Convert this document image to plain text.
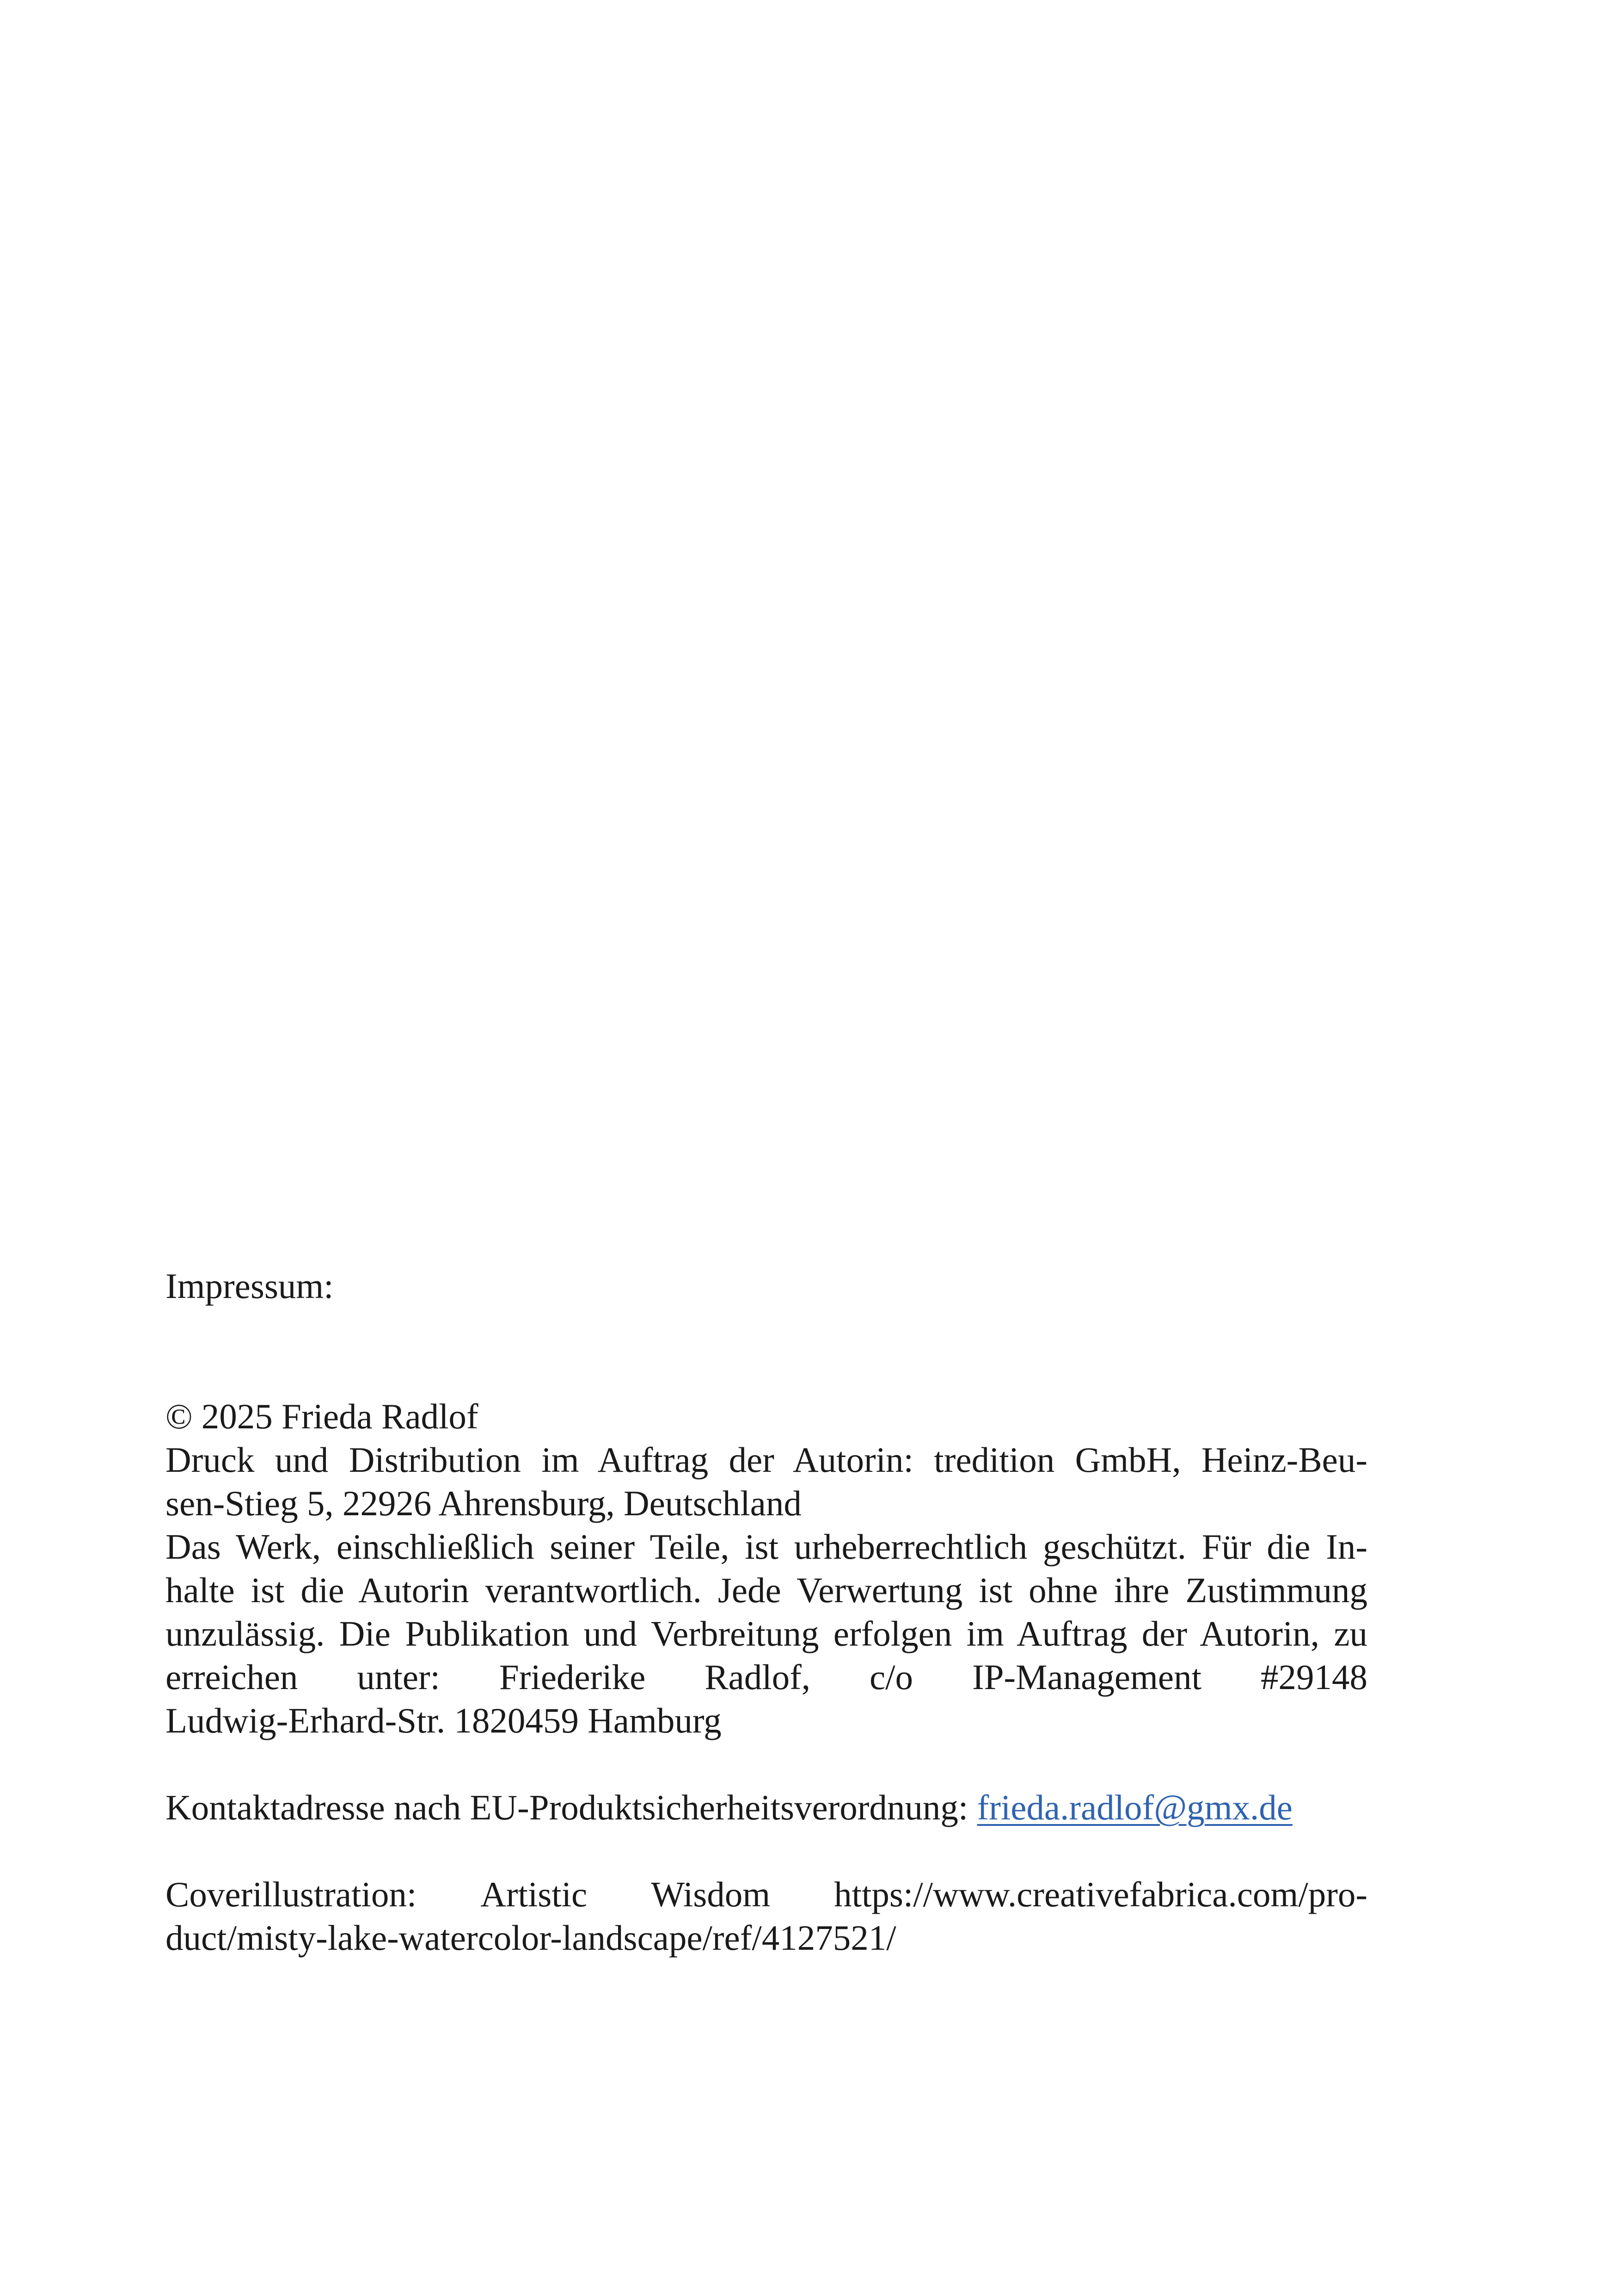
Impressum:
© 2025 Frieda Radlof
Druck und Distribution im Auftrag der Autorin: tredition GmbH, Heinz-Beu-
sen-Stieg 5, 22926 Ahrensburg, Deutschland
Das Werk, einschließlich seiner Teile, ist urheberrechtlich geschützt. Für die In-
halte ist die Autorin verantwortlich. Jede Verwertung ist ohne ihre Zustimmung
unzulässig. Die Publikation und Verbreitung erfolgen im Auftrag der Autorin, zu
erreichen unter: Friederike Radlof, c/o IP-Management #29148
Ludwig-Erhard-Str. 1820459 Hamburg
Kontaktadresse nach EU-Produktsicherheitsverordnung: frieda.radlof@gmx.de
Coverillustration: Artistic Wisdom https://www.creativefabrica.com/pro-
duct/misty-lake-watercolor-landscape/ref/4127521/
